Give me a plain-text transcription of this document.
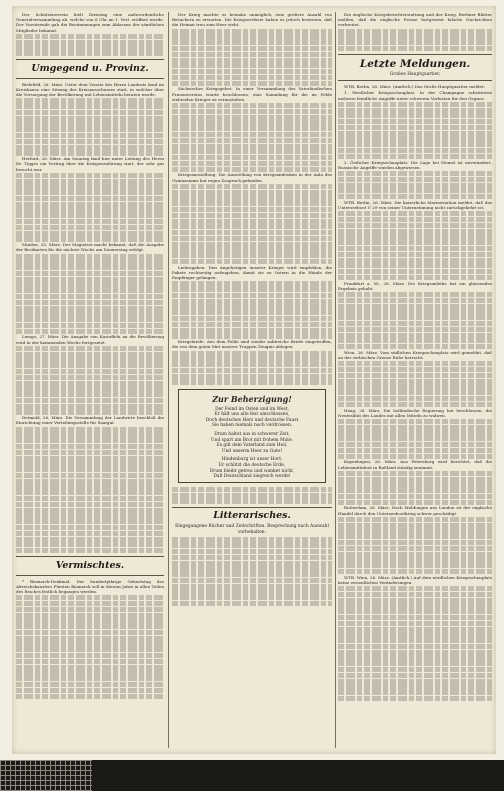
Der Schützenverein hielt Dienstag eine außerordentliche Generalversammlung ab, welche von 8 Uhr an 1. Verl. eröffnet wurde. Der Vorsitzende gab die Bestimmungen zum Ablassen der sämtlichen Mitglieder bekannt.
Umgegend u. Provinz.
Bielefeld, 26. März. Unter dem Vorsitz des Herrn Landrats fand im Kreishause eine Sitzung des Kreisausschusses statt, in welcher über die Versorgung der Bevölkerung mit Lebensmitteln beraten wurde.
Herford, 26. März. Am Sonntag fand hier unter Leitung des Herrn Dr. Tigges ein Vortrag über die Kriegsernährung statt, der sehr gut besucht war.
Minden, 25. März. Der Magistrat macht bekannt, daß die Ausgabe der Brotkarten für die nächste Woche am Donnerstag erfolgt.
Lemgo, 27. März. Die Ausgabe von Kartoffeln an die Bevölkerung wird in der kommenden Woche fortgesetzt.
Detmold, 26. März. Die Versammlung der Landwirte beschloß die Einrichtung einer Verteilungsstelle für Saatgut.
Vermischtes.
* Bismarck-Denkmal. Der hundertjährige Geburtstag des Altreichskanzlers Fürsten Bismarck soll in diesem Jahre in allen Teilen des Reiches festlich begangen werden.
Der Krieg machte es beinahe unmöglich, eine größere Anzahl von Besuchern zu erwarten. Die Kriegsverluste haben es jedoch bewiesen, daß die Heimat treu zum Heer steht.
Sächsisches Kriegsgebet. In einer Versammlung des Vaterländischen Frauenvereins wurde beschlossen, eine Sammlung für die im Felde stehenden Krieger zu veranstalten.
Kriegsausstellung. Die Ausstellung von Kriegsandenken in der Aula des Gymnasiums hat regen Zuspruch gefunden.
Liebesgaben. Den Angehörigen unserer Krieger wird empfohlen, die Pakete rechtzeitig aufzugeben, damit sie zu Ostern in die Hände der Empfänger gelangen.
Kriegsbriefe. Aus dem Felde sind wieder zahlreiche Briefe eingetroffen, die von dem guten Mut unserer Truppen Zeugnis ablegen.
Zur Beherzigung!
Der Feind im Osten und im West,
Er hält uns alle fest umschlossen,
Doch deutsches Herz und deutsche Faust
Sie haben niemals noch verdrossen.
Drum haltet aus in schwerer Zeit,
Und spart am Brot mit frohem Mute,
Es gilt dem Vaterland zum Heil,
Und unserm Heer zu Gute!
Hindenburg ist unser Hort,
Er schützt die deutsche Erde,
Drum bleibt getreu und wanket nicht,
Daß Deutschland siegreich werde!
Litterarisches.
Eingegangene Bücher und Zeitschriften. Besprechung nach Auswahl vorbehalten.
Die englische Kriegsberichterstattung und der Krieg. Berliner Blätter melden, daß die englische Presse fortgesetzt falsche Nachrichten verbreitet.
Letzte Meldungen.
Großes Hauptquartier,
WTB. Berlin, 26. März. (Amtlich.) Das Große Hauptquartier meldet:
1. Westlicher Kriegsschauplatz. In der Champagne scheiterten mehrere feindliche Angriffe unter schweren Verlusten für den Gegner.
2. Östlicher Kriegsschauplatz. Die Lage bei Memel ist unverändert. Russische Angriffe wurden abgewiesen.
WTB. Berlin, 26. März. Die kaiserliche Marinestation meldet, daß das Unterseeboot U 29 von seiner Unternehmung nicht zurückgekehrt ist.
Frankfurt a. M., 26. März. Die Kriegsanleihe hat ein glänzendes Ergebnis gehabt.
Wien, 26. März. Vom südlichen Kriegsschauplatz wird gemeldet, daß an der serbischen Grenze Ruhe herrscht.
Haag, 26. März. Die holländische Regierung hat beschlossen, die Neutralität des Landes mit allen Mitteln zu wahren.
Kopenhagen, 26. März. Aus Petersburg wird berichtet, daß die Lebensmittelnot in Rußland ständig zunimmt.
Rotterdam, 26. März. Nach Meldungen aus London ist der englische Handel durch den Unterseebootkrieg schwer geschädigt.
WTB. Wien, 26. März. (Amtlich.) Auf dem nördlichen Kriegsschauplatz keine wesentlichen Veränderungen.
